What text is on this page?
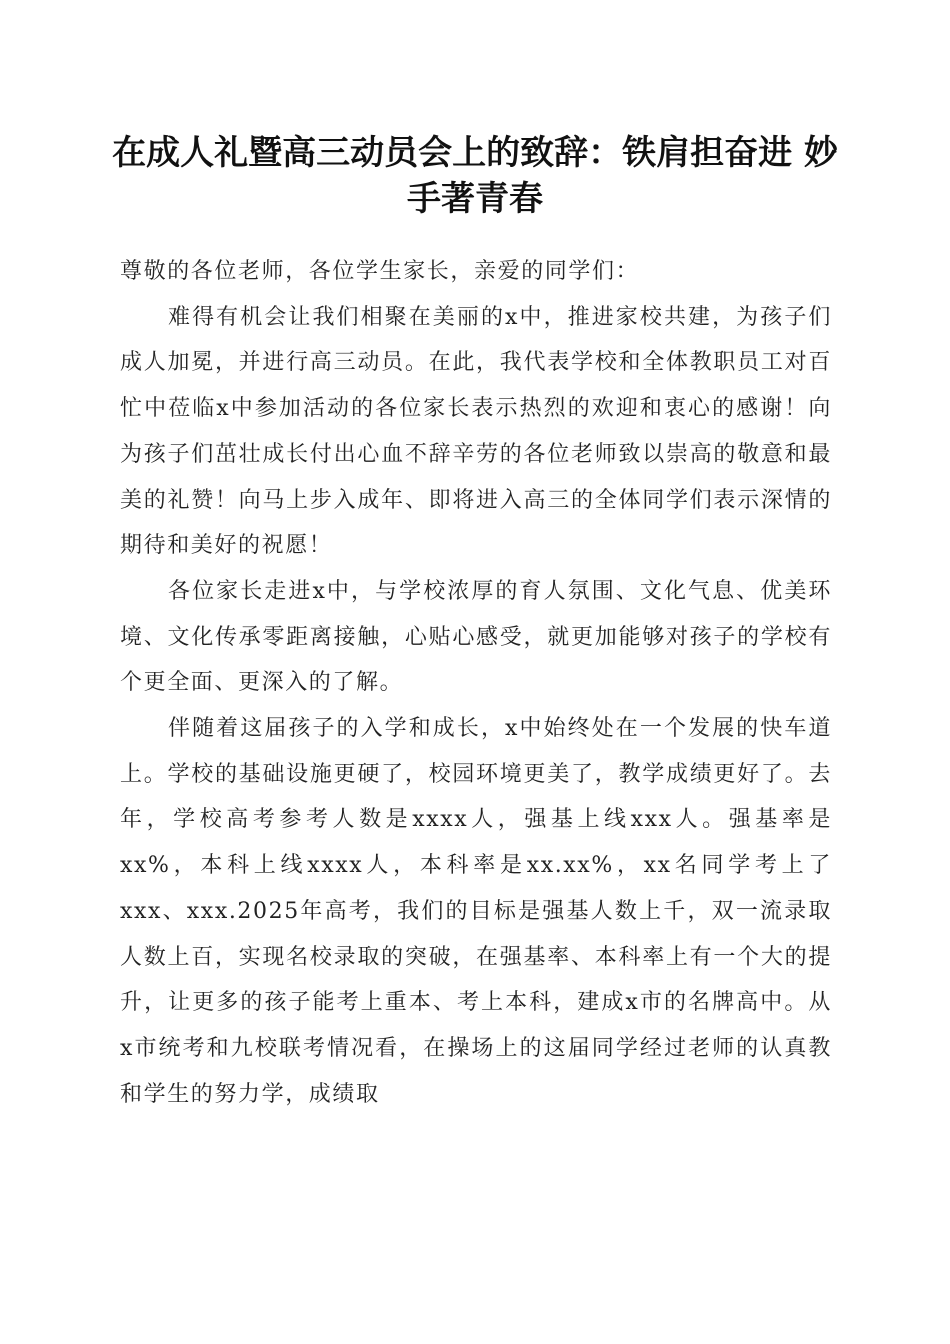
在成人礼暨高三动员会上的致辞：铁肩担奋进 妙手著青春

尊敬的各位老师，各位学生家长，亲爱的同学们：

难得有机会让我们相聚在美丽的x中，推进家校共建，为孩子们成人加冕，并进行高三动员。在此，我代表学校和全体教职员工对百忙中莅临x中参加活动的各位家长表示热烈的欢迎和衷心的感谢！向为孩子们茁壮成长付出心血不辞辛劳的各位老师致以崇高的敬意和最美的礼赞！向马上步入成年、即将进入高三的全体同学们表示深情的期待和美好的祝愿！

各位家长走进x中，与学校浓厚的育人氛围、文化气息、优美环境、文化传承零距离接触，心贴心感受，就更加能够对孩子的学校有个更全面、更深入的了解。

伴随着这届孩子的入学和成长，x中始终处在一个发展的快车道上。学校的基础设施更硬了，校园环境更美了，教学成绩更好了。去年，学校高考参考人数是xxxx人，强基上线xxx人。强基率是xx%，本科上线xxxx人，本科率是xx.xx%，xx名同学考上了xxx、xxx.2025年高考，我们的目标是强基人数上千，双一流录取人数上百，实现名校录取的突破，在强基率、本科率上有一个大的提升，让更多的孩子能考上重本、考上本科，建成x市的名牌高中。从x市统考和九校联考情况看，在操场上的这届同学经过老师的认真教和学生的努力学，成绩取
